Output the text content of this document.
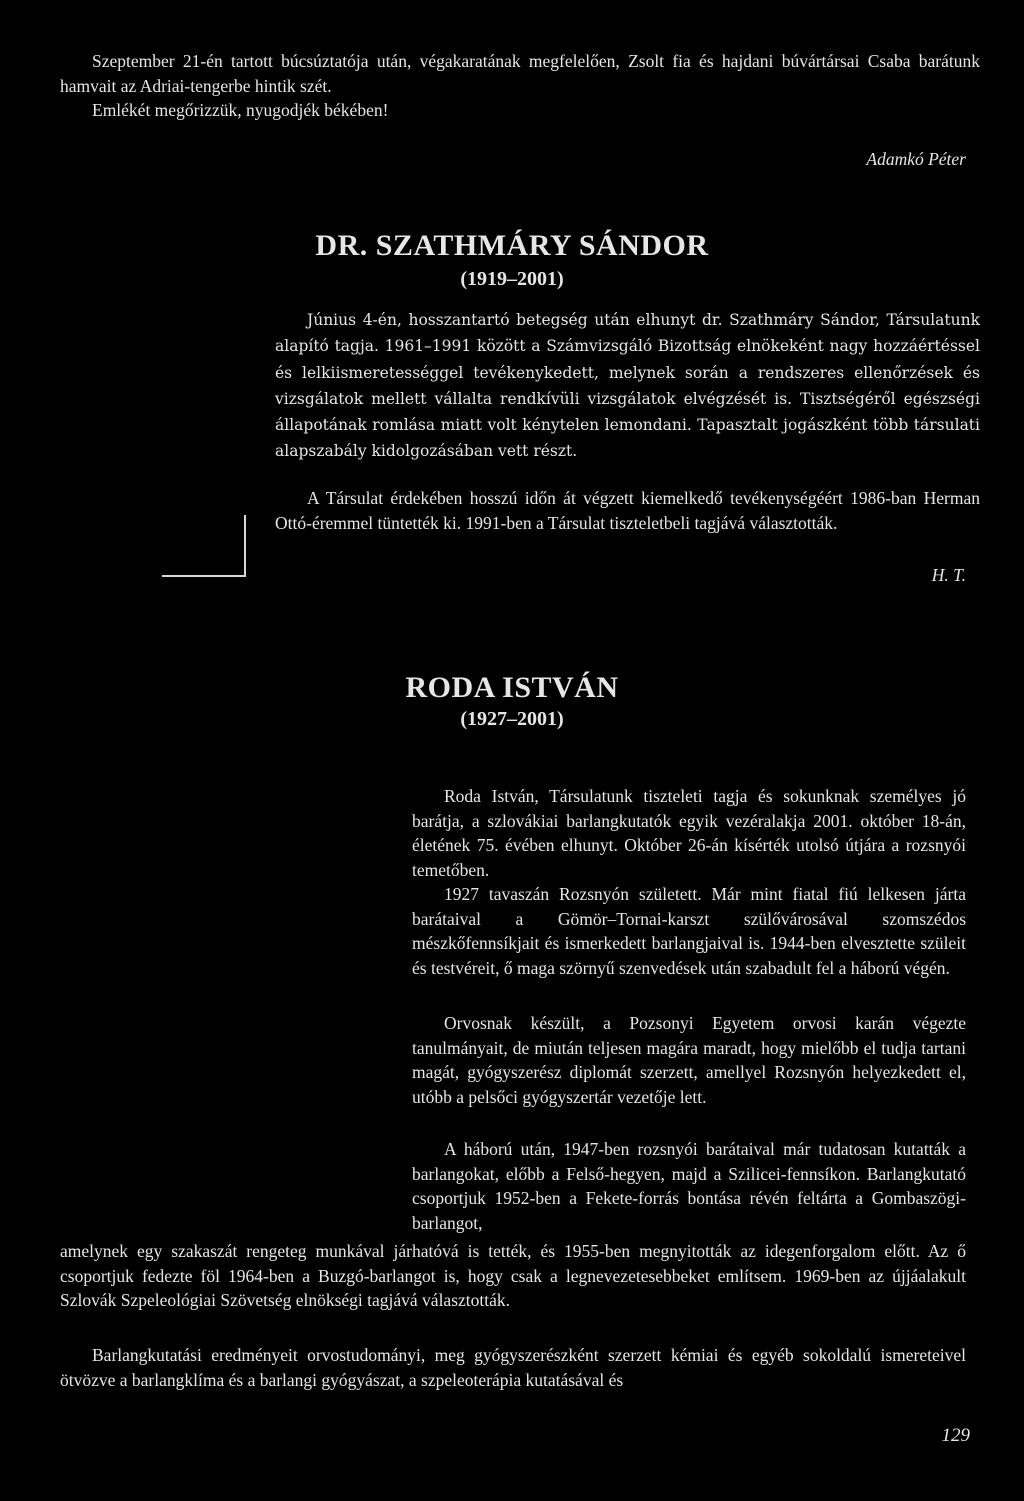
Szeptember 21-én tartott búcsúztatója után, végakaratának megfelelően, Zsolt fia és hajdani búvártársai Csaba barátunk hamvait az Adriai-tengerbe hintik szét.

Emlékét megőrizzük, nyugodjék békében!

Adamkó Péter
DR. SZATHMÁRY SÁNDOR
(1919–2001)

Június 4-én, hosszantartó betegség után elhunyt dr. Szathmáry Sándor, Társulatunk alapító tagja. 1961–1991 között a Számvizsgáló Bizottság elnökeként nagy hozzáértéssel és lelkiismeretességgel tevékenykedett, melynek során a rendszeres ellenőrzések és vizsgálatok mellett vállalta rendkívüli vizsgálatok elvégzését is. Tisztségéről egészségi állapotának romlása miatt volt kénytelen lemondani. Tapasztalt jogászként több társulati alapszabály kidolgozásában vett részt.

A Társulat érdekében hosszú időn át végzett kiemelkedő tevékenységéért 1986-ban Herman Ottó-éremmel tüntették ki. 1991-ben a Társulat tiszteletbeli tagjává választották.

H. T.
RODA ISTVÁN
(1927–2001)

Roda István, Társulatunk tiszteleti tagja és sokunknak személyes jó barátja, a szlovákiai barlangkutatók egyik vezéralakja 2001. október 18-án, életének 75. évében elhunyt. Október 26-án kísérték utolsó útjára a rozsnyói temetőben.

1927 tavaszán Rozsnyón született. Már mint fiatal fiú lelkesen járta barátaival a Gömör–Tornai-karszt szülővárosával szomszédos mészkőfennsíkjait és ismerkedett barlangjaival is. 1944-ben elvesztette szüleit és testvéreit, ő maga szörnyű szenvedések után szabadult fel a háború végén.

Orvosnak készült, a Pozsonyi Egyetem orvosi karán végezte tanulmányait, de miután teljesen magára maradt, hogy mielőbb el tudja tartani magát, gyógyszerész diplomát szerzett, amellyel Rozsnyón helyezkedett el, utóbb a pelsőci gyógyszertár vezetője lett.

A háború után, 1947-ben rozsnyói barátaival már tudatosan kutatták a barlangokat, előbb a Felső-hegyen, majd a Szilicei-fennsíkon. Barlangkutató csoportjuk 1952-ben a Fekete-forrás bontása révén feltárta a Gombaszögi-barlangot,

amelynek egy szakaszát rengeteg munkával járhatóvá is tették, és 1955-ben megnyitották az idegenforgalom előtt. Az ő csoportjuk fedezte föl 1964-ben a Buzgó-barlangot is, hogy csak a legnevezetesebbeket említsem. 1969-ben az újjáalakult Szlovák Szpeleológiai Szövetség elnökségi tagjává választották.

Barlangkutatási eredményeit orvostudományi, meg gyógyszerészként szerzett kémiai és egyéb sokoldalú ismereteivel ötvözve a barlangklíma és a barlangi gyógyászat, a szpeleoterápia kutatásával és

129
